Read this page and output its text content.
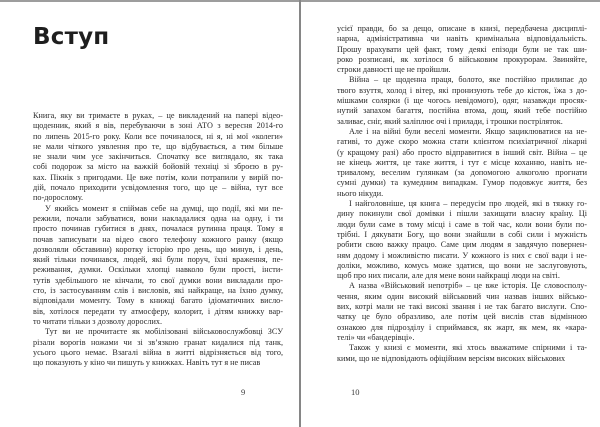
Вступ
Книга, яку ви тримаєте в руках, – це викладений на папері відео-
щоденник, який я вів, перебуваючи в зоні АТО з вересня 2014-го
по липень 2015-го року. Коли все починалося, ні я, ні мої «колеги»
не мали чіткого уявлення про те, що відбувається, а тим більше
не знали чим усе закінчиться. Спочатку все виглядало, як така
собі подорож за місто на важкій бойовій техніці зі зброєю в ру-
ках. Пікнік з пригодами. Це вже потім, коли потрапили у вирій по-
дій, почало приходити усвідомлення того, що це – війна, тут все
по-дорослому.
У якийсь момент я спіймав себе на думці, що події, які ми пе-
режили, почали забуватися, вони накладалися одна на одну, і ти
просто починав губитися в днях, почалася рутинна праця. Тому я
почав записувати на відео свого телефону кожного ранку (якщо
дозволяли обставини) коротку історію про день, що минув, і день,
який тільки починався, людей, які були поруч, їхні враження, пе-
реживання, думки. Оскільки хлопці навколо були прості, інсти-
тутів здебільшого не кінчали, то свої думки вони викладали про-
сто, із застосуванням слів і висловів, які найкраще, на їхню думку,
відповідали моменту. Тому в книжці багато ідіоматичних висло-
вів, хотілося передати ту атмосферу, колорит, і дітям книжку вар-
то читати тільки з дозволу дорослих.
Тут ви не прочитаєте як мобілізовані військовослужбовці ЗСУ
різали ворогів ножами чи зі зв’язкою гранат кидалися під танк,
усього цього немає. Взагалі війна в житті відрізняється від того,
що показують у кіно чи пишуть у книжках. Навіть тут я не писав
9
усієї правди, бо за дещо, описане в книзі, передбачена дисциплі-
нарна, адміністративна чи навіть кримінальна відповідальність.
Прошу врахувати цей факт, тому деякі епізоди були не так ши-
роко розписані, як хотілося б військовим прокурорам. Звиняйте,
строки давності ще не пройшли.
Війна – це щоденна праця, болото, яке постійно прилипає до
твого взуття, холод і вітер, які пронизують тебе до кісток, їжа з до-
мішками солярки (і ще чогось невідомого), одяг, назавжди просяк-
нутий запахом багаття, постійна втома, дощ, який тебе постійно
заливає, сніг, який заліплює очі і прилади, і трошки постріляток.
Але і на війні були веселі моменти. Якщо зациклюватися на не-
гативі, то дуже скоро можна стати клієнтом психіатричної лікарні
(у кращому разі) або просто відправитися в інший світ. Війна – це
не кінець життя, це таке життя, і тут є місце коханню, навіть не-
тривалому, веселим гулянкам (за допомогою алкоголю прогнати
сумні думки) та кумедним випадкам. Гумор подовжує життя, без
нього нікуди.
І найголовніше, ця книга – передусім про людей, які в тяжку го-
дину покинули свої домівки і пішли захищати власну країну. Ці
люди були саме в тому місці і саме в той час, коли вони були по-
трібні. І дякувати Богу, що вони знайшли в собі сили і мужність
робити свою важку працю. Саме цим людям я завдячую повернен-
ням додому і можливістю писати. У кожного із них є свої вади і не-
доліки, можливо, комусь може здатися, що вони не заслуговують,
щоб про них писали, але для мене вони найкращі люди на світі.
А назва «Військовий непотріб» – це вже історія. Це словосполу-
чення, яким один високий військовий чин назвав інших військо-
вих, котрі мали не такі високі звання і не так багато вислуги. Спо-
чатку це було образливо, але потім цей вислів став відмінною
ознакою для підрозділу і сприймався, як жарт, як мем, як «кара-
телі» чи «бандерівці».
Також у книзі є моменти, які хтось вважатиме спірними і та-
кими, що не відповідають офіційним версіям високих військових
10
